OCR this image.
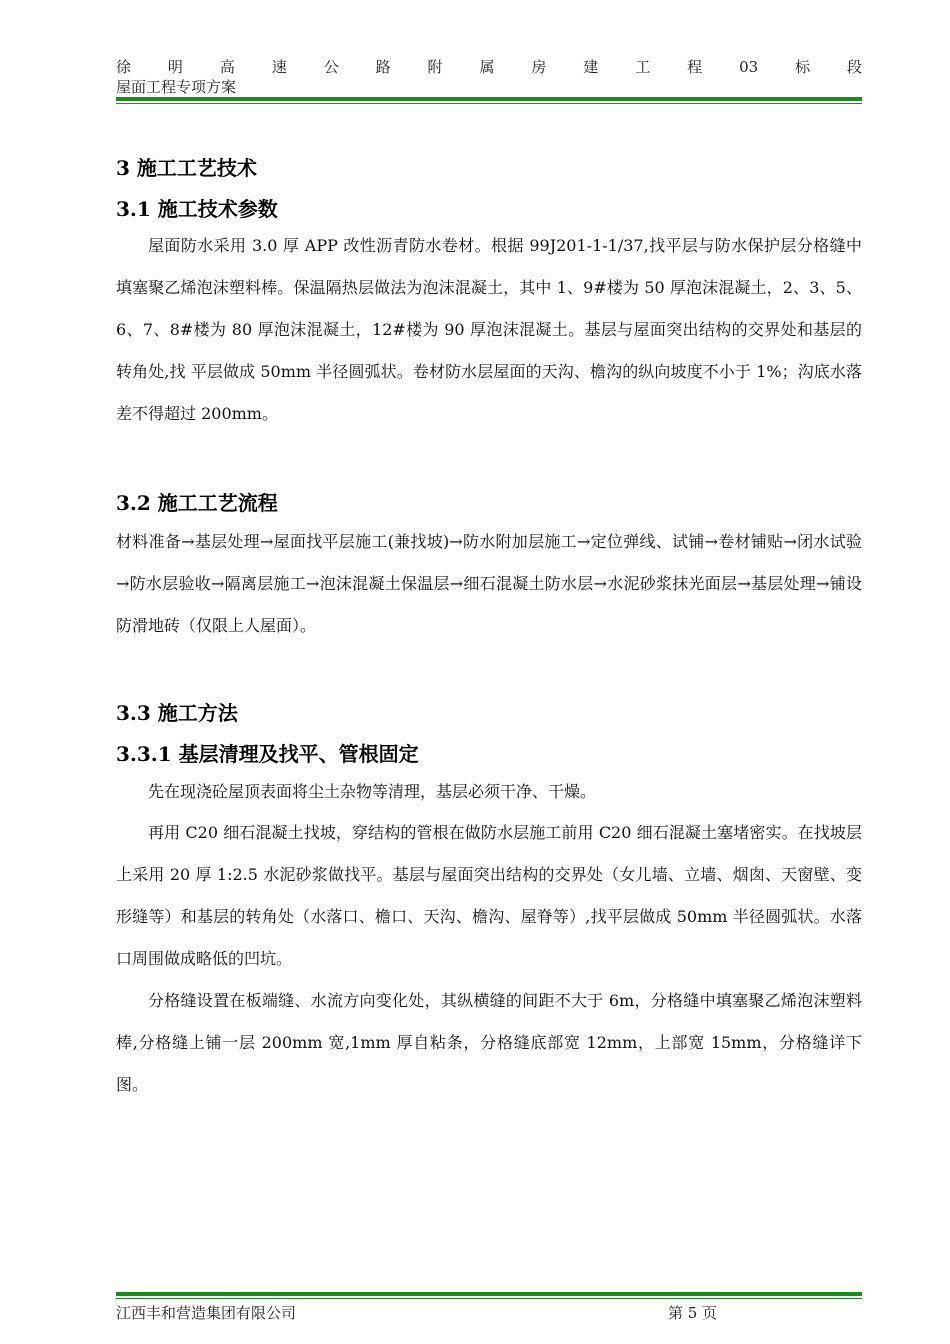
徐 明 高 速 公 路 附 属 房 建 工 程 03 标 段
屋面工程专项方案
3 施工工艺技术
3.1 施工技术参数
屋面防水采用 3.0 厚 APP 改性沥青防水卷材。根据 99J201-1-1/37,找平层与防水保护层分格缝中填塞聚乙烯泡沫塑料棒。保温隔热层做法为泡沫混凝土，其中 1、9#楼为 50 厚泡沫混凝土，2、3、5、6、7、8#楼为 80 厚泡沫混凝土，12#楼为 90 厚泡沫混凝土。基层与屋面突出结构的交界处和基层的转角处,找 平层做成 50mm 半径圆弧状。卷材防水层屋面的天沟、檐沟的纵向坡度不小于 1%；沟底水落差不得超过 200mm。
3.2 施工工艺流程
材料准备→基层处理→屋面找平层施工(兼找坡)→防水附加层施工→定位弹线、试铺→卷材铺贴→闭水试验→防水层验收→隔离层施工→泡沫混凝土保温层→细石混凝土防水层→水泥砂浆抹光面层→基层处理→铺设防滑地砖（仅限上人屋面）。
3.3 施工方法
3.3.1 基层清理及找平、管根固定
先在现浇砼屋顶表面将尘土杂物等清理，基层必须干净、干燥。
再用 C20 细石混凝土找坡，穿结构的管根在做防水层施工前用 C20 细石混凝土塞堵密实。在找坡层上采用 20 厚 1:2.5 水泥砂浆做找平。基层与屋面突出结构的交界处（女儿墙、立墙、烟囱、天窗壁、变形缝等）和基层的转角处（水落口、檐口、天沟、檐沟、屋脊等）,找平层做成 50mm 半径圆弧状。水落口周围做成略低的凹坑。
分格缝设置在板端缝、水流方向变化处，其纵横缝的间距不大于 6m，分格缝中填塞聚乙烯泡沫塑料棒,分格缝上铺一层 200mm 宽,1mm 厚自粘条，分格缝底部宽 12mm，上部宽 15mm，分格缝详下图。
江西丰和营造集团有限公司	第 5 页
